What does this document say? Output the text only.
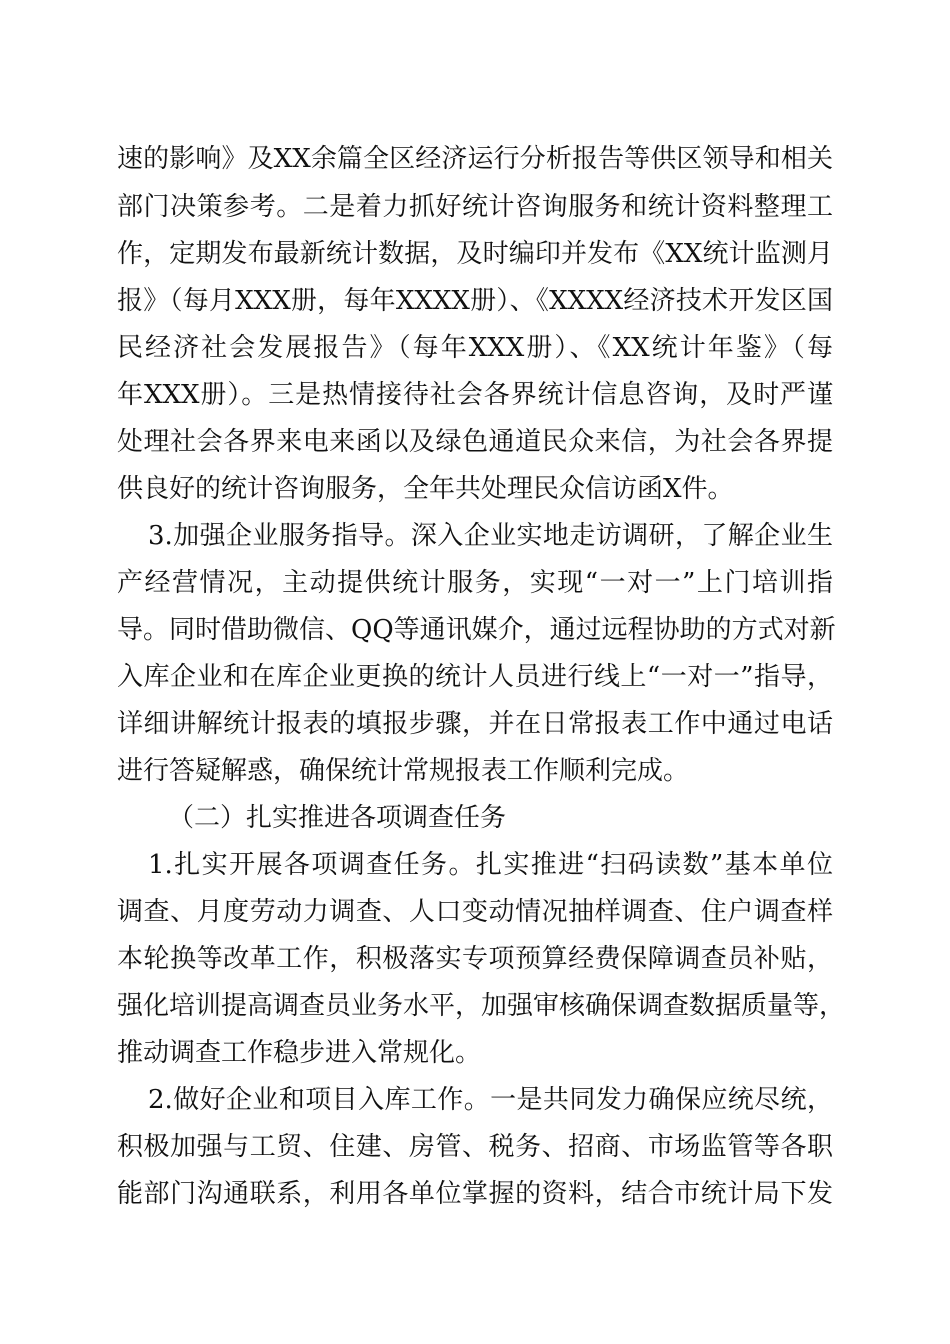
速的影响》及XX余篇全区经济运行分析报告等供区领导和相关
部门决策参考。二是着力抓好统计咨询服务和统计资料整理工
作，定期发布最新统计数据，及时编印并发布《XX统计监测月
报》（每月XXX册，每年XXXX册）、《XXXX经济技术开发区国
民经济社会发展报告》（每年XXX册）、《XX统计年鉴》（每
年XXX册）。三是热情接待社会各界统计信息咨询，及时严谨
处理社会各界来电来函以及绿色通道民众来信，为社会各界提
供良好的统计咨询服务，全年共处理民众信访函X件。
3.加强企业服务指导。深入企业实地走访调研，了解企业生
产经营情况，主动提供统计服务，实现“一对一”上门培训指
导。同时借助微信、QQ等通讯媒介，通过远程协助的方式对新
入库企业和在库企业更换的统计人员进行线上“一对一”指导，
详细讲解统计报表的填报步骤，并在日常报表工作中通过电话
进行答疑解惑，确保统计常规报表工作顺利完成。
（二）扎实推进各项调查任务
1.扎实开展各项调查任务。扎实推进“扫码读数”基本单位
调查、月度劳动力调查、人口变动情况抽样调查、住户调查样
本轮换等改革工作，积极落实专项预算经费保障调查员补贴，
强化培训提高调查员业务水平，加强审核确保调查数据质量等，
推动调查工作稳步进入常规化。
2.做好企业和项目入库工作。一是共同发力确保应统尽统，
积极加强与工贸、住建、房管、税务、招商、市场监管等各职
能部门沟通联系，利用各单位掌握的资料，结合市统计局下发
